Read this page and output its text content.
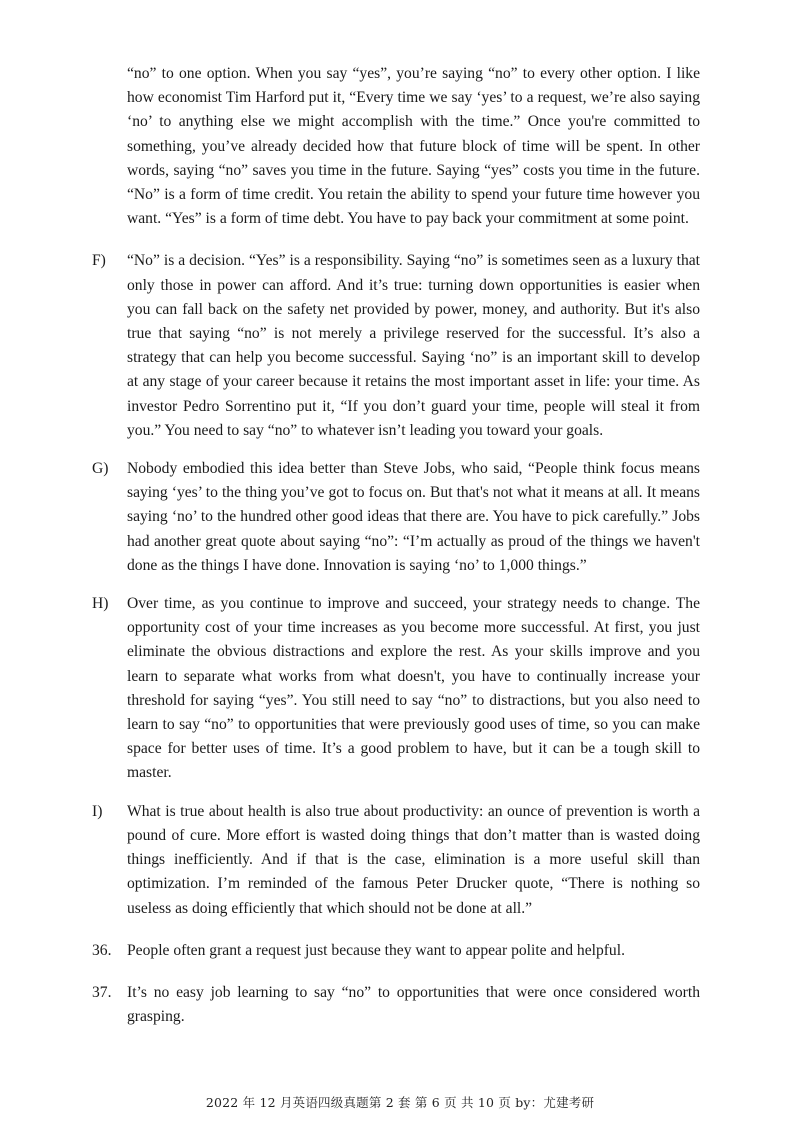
“no” to one option. When you say “yes”, you’re saying “no” to every other option. I like how economist Tim Harford put it, “Every time we say ‘yes’ to a request, we’re also saying ‘no’ to anything else we might accomplish with the time.” Once you're committed to something, you’ve already decided how that future block of time will be spent. In other words, saying “no” saves you time in the future. Saying “yes” costs you time in the future. “No” is a form of time credit. You retain the ability to spend your future time however you want. “Yes” is a form of time debt. You have to pay back your commitment at some point.
F) “No” is a decision. “Yes” is a responsibility. Saying “no” is sometimes seen as a luxury that only those in power can afford. And it’s true: turning down opportunities is easier when you can fall back on the safety net provided by power, money, and authority. But it's also true that saying “no” is not merely a privilege reserved for the successful. It’s also a strategy that can help you become successful. Saying ‘no” is an important skill to develop at any stage of your career because it retains the most important asset in life: your time. As investor Pedro Sorrentino put it, “If you don’t guard your time, people will steal it from you.” You need to say “no” to whatever isn’t leading you toward your goals.
G) Nobody embodied this idea better than Steve Jobs, who said, “People think focus means saying ‘yes’ to the thing you’ve got to focus on. But that's not what it means at all. It means saying ‘no’ to the hundred other good ideas that there are. You have to pick carefully.” Jobs had another great quote about saying “no”: “I’m actually as proud of the things we haven't done as the things I have done. Innovation is saying ‘no’ to 1,000 things.”
H) Over time, as you continue to improve and succeed, your strategy needs to change. The opportunity cost of your time increases as you become more successful. At first, you just eliminate the obvious distractions and explore the rest. As your skills improve and you learn to separate what works from what doesn't, you have to continually increase your threshold for saying “yes”. You still need to say “no” to distractions, but you also need to learn to say “no” to opportunities that were previously good uses of time, so you can make space for better uses of time. It’s a good problem to have, but it can be a tough skill to master.
I) What is true about health is also true about productivity: an ounce of prevention is worth a pound of cure. More effort is wasted doing things that don’t matter than is wasted doing things inefficiently. And if that is the case, elimination is a more useful skill than optimization. I’m reminded of the famous Peter Drucker quote, “There is nothing so useless as doing efficiently that which should not be done at all.”
36. People often grant a request just because they want to appear polite and helpful.
37. It’s no easy job learning to say “no” to opportunities that were once considered worth grasping.
2022 年 12 月英语四级真题第 2 套 第 6 页 共 10 页 by：尤建考研
